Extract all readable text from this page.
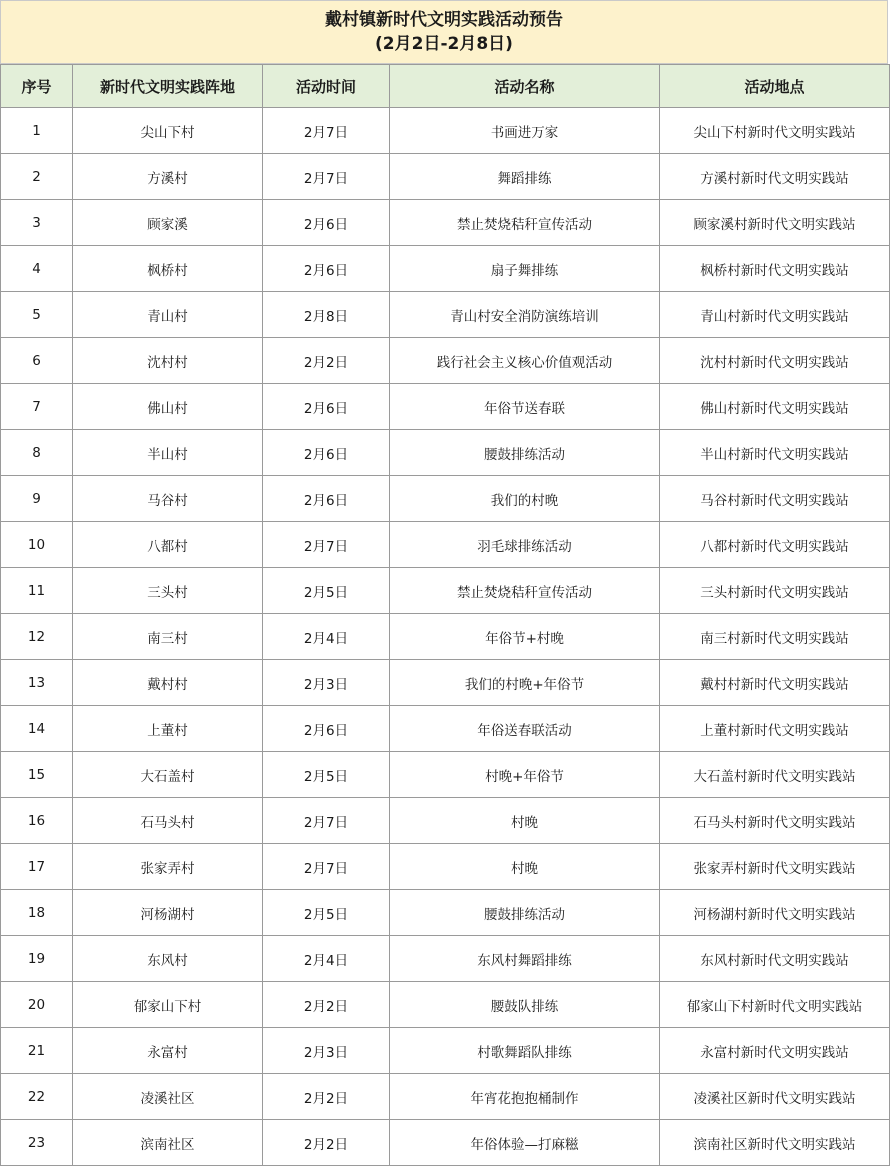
戴村镇新时代文明实践活动预告
(2月2日-2月8日)
序号	新时代文明实践阵地	活动时间	活动名称	活动地点
1	尖山下村	2月7日	书画进万家	尖山下村新时代文明实践站
2	方溪村	2月7日	舞蹈排练	方溪村新时代文明实践站
3	顾家溪	2月6日	禁止焚烧秸秆宣传活动	顾家溪村新时代文明实践站
4	枫桥村	2月6日	扇子舞排练	枫桥村新时代文明实践站
5	青山村	2月8日	青山村安全消防演练培训	青山村新时代文明实践站
6	沈村村	2月2日	践行社会主义核心价值观活动	沈村村新时代文明实践站
7	佛山村	2月6日	年俗节送春联	佛山村新时代文明实践站
8	半山村	2月6日	腰鼓排练活动	半山村新时代文明实践站
9	马谷村	2月6日	我们的村晚	马谷村新时代文明实践站
10	八都村	2月7日	羽毛球排练活动	八都村新时代文明实践站
11	三头村	2月5日	禁止焚烧秸秆宣传活动	三头村新时代文明实践站
12	南三村	2月4日	年俗节+村晚	南三村新时代文明实践站
13	戴村村	2月3日	我们的村晚+年俗节	戴村村新时代文明实践站
14	上董村	2月6日	年俗送春联活动	上董村新时代文明实践站
15	大石盖村	2月5日	村晚+年俗节	大石盖村新时代文明实践站
16	石马头村	2月7日	村晚	石马头村新时代文明实践站
17	张家弄村	2月7日	村晚	张家弄村新时代文明实践站
18	河杨湖村	2月5日	腰鼓排练活动	河杨湖村新时代文明实践站
19	东风村	2月4日	东风村舞蹈排练	东风村新时代文明实践站
20	郁家山下村	2月2日	腰鼓队排练	郁家山下村新时代文明实践站
21	永富村	2月3日	村歌舞蹈队排练	永富村新时代文明实践站
22	凌溪社区	2月2日	年宵花抱抱桶制作	凌溪社区新时代文明实践站
23	滨南社区	2月2日	年俗体验—打麻糍	滨南社区新时代文明实践站
